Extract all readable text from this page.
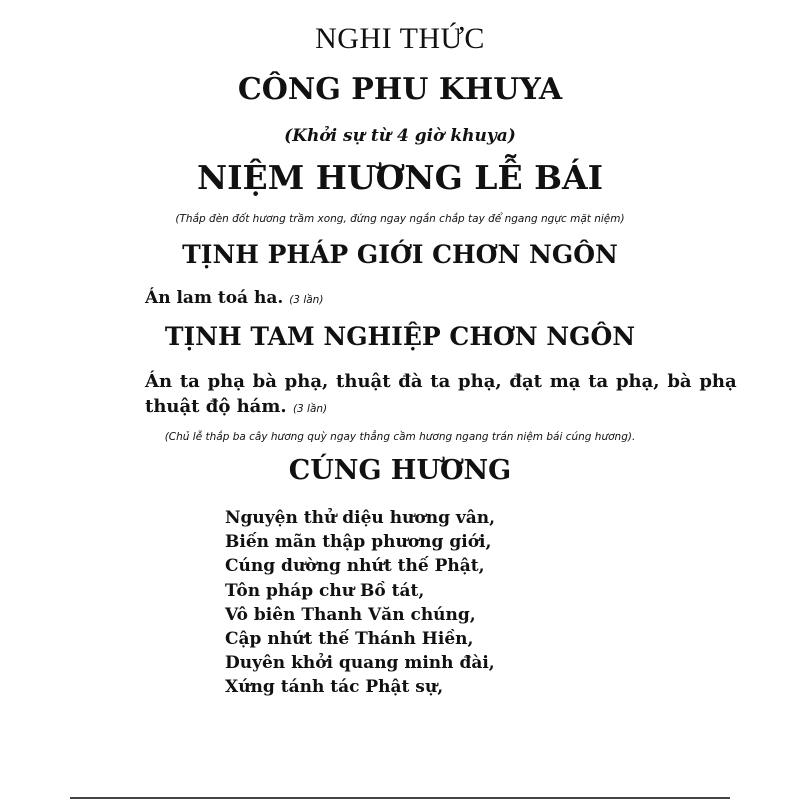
NGHI THỨC
CÔNG PHU KHUYA
(Khởi sự từ 4 giờ khuya)
NIỆM HƯƠNG LỄ BÁI
(Thắp đèn đốt hương trầm xong, đứng ngay ngắn chắp tay để ngang ngực mặt niệm)
TỊNH PHÁP GIỚI CHƠN NGÔN
Án lam toá ha. (3 lần)
TỊNH TAM NGHIỆP CHƠN NGÔN
Án ta phạ bà phạ, thuật đà ta phạ, đạt mạ ta phạ, bà phạ
thuật độ hám. (3 lần)
(Chủ lễ thắp ba cây hương quỳ ngay thẳng cầm hương ngang trán niệm bái cúng hương).
CÚNG HƯƠNG
Nguyện thử diệu hương vân,
Biến mãn thập phương giới,
Cúng dường nhứt thế Phật,
Tôn pháp chư Bồ tát,
Vô biên Thanh Văn chúng,
Cập nhứt thế Thánh Hiền,
Duyên khởi quang minh đài,
Xứng tánh tác Phật sự,
